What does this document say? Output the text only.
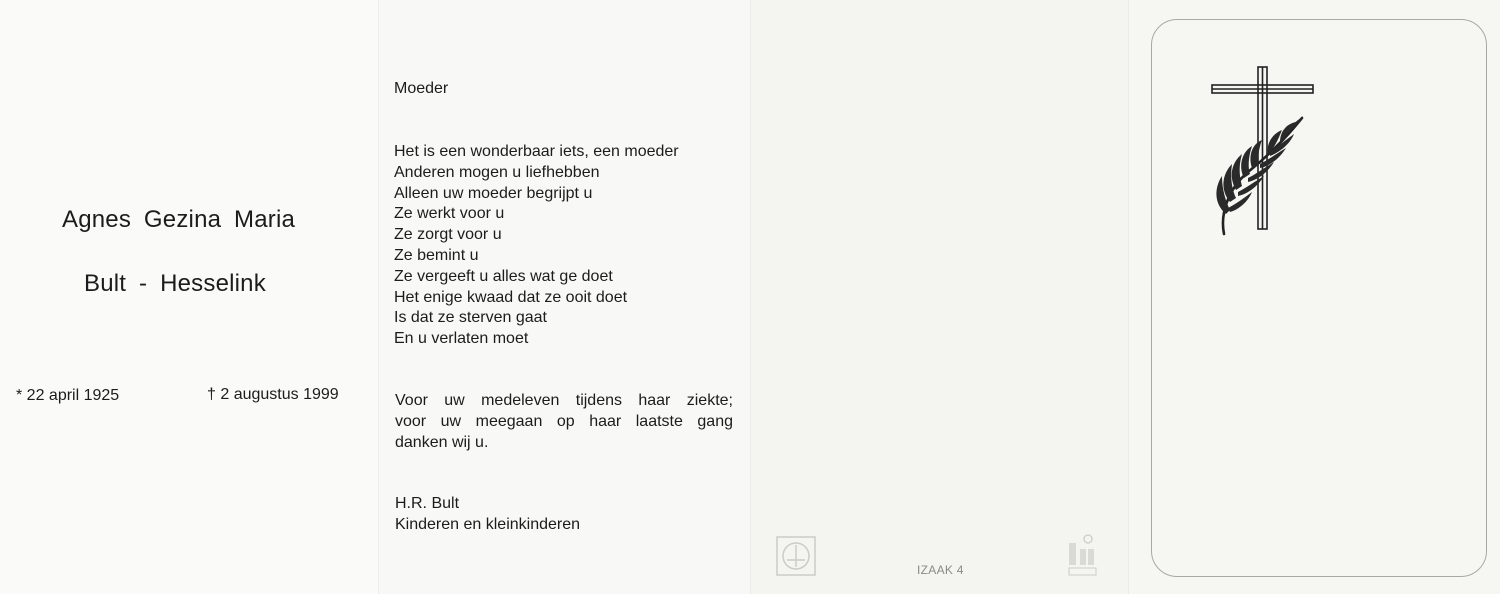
Agnes Gezina Maria
Bult - Hesselink
* 22 april 1925	† 2 augustus 1999
Moeder
Het is een wonderbaar iets, een moeder
Anderen mogen u liefhebben
Alleen uw moeder begrijpt u
Ze werkt voor u
Ze zorgt voor u
Ze bemint u
Ze vergeeft u alles wat ge doet
Het enige kwaad dat ze ooit doet
Is dat ze sterven gaat
En u verlaten moet
Voor uw medeleven tijdens haar ziekte;
voor uw meegaan op haar laatste gang
danken wij u.
H.R. Bult
Kinderen en kleinkinderen
IZAAK 4
